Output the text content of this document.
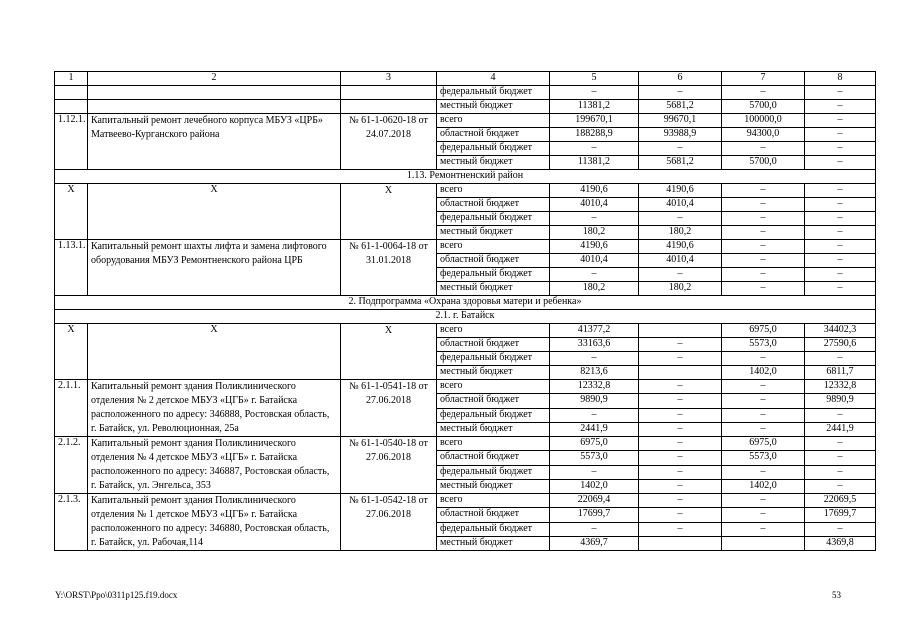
1	2	3	4	5	6	7	8
			федеральный бюджет	–	–	–	–
			местный бюджет	11381,2	5681,2	5700,0	–
1.12.1.	Капитальный ремонт лечебного корпуса МБУЗ «ЦРБ» Матвеево-Курганского района	№ 61-1-0620-18 от 24.07.2018	всего	199670,1	99670,1	100000,0	–
			областной бюджет	188288,9	93988,9	94300,0	–
			федеральный бюджет	–	–	–	–
			местный бюджет	11381,2	5681,2	5700,0	–
1.13. Ремонтненский район							
Х	Х	Х	всего	4190,6	4190,6	–	–
			областной бюджет	4010,4	4010,4	–	–
			федеральный бюджет	–	–	–	–
			местный бюджет	180,2	180,2	–	–
1.13.1.	Капитальный ремонт шахты лифта и замена лифтового оборудования МБУЗ Ремонтненского района ЦРБ	№ 61-1-0064-18 от 31.01.2018	всего	4190,6	4190,6	–	–
			областной бюджет	4010,4	4010,4	–	–
			федеральный бюджет	–	–	–	–
			местный бюджет	180,2	180,2	–	–
2. Подпрограмма «Охрана здоровья матери и ребенка»							
2.1. г. Батайск							
Х	Х	Х	всего	41377,2		6975,0	34402,3
			областной бюджет	33163,6	–	5573,0	27590,6
			федеральный бюджет	–	–	–	–
			местный бюджет	8213,6		1402,0	6811,7
2.1.1.	Капитальный ремонт здания Поликлинического отделения № 2 детское МБУЗ «ЦГБ» г. Батайска расположенного по адресу: 346888, Ростовская область, г. Батайск, ул. Революционная, 25а	№ 61-1-0541-18 от 27.06.2018	всего	12332,8	–	–	12332,8
			областной бюджет	9890,9	–	–	9890,9
			федеральный бюджет	–	–	–	–
			местный бюджет	2441,9	–	–	2441,9
2.1.2.	Капитальный ремонт здания Поликлинического отделения № 4 детское МБУЗ «ЦГБ» г. Батайска расположенного по адресу: 346887, Ростовская область, г. Батайск, ул. Энгельса, 353	№ 61-1-0540-18 от 27.06.2018	всего	6975,0	–	6975,0	–
			областной бюджет	5573,0	–	5573,0	–
			федеральный бюджет	–	–	–	–
			местный бюджет	1402,0	–	1402,0	–
2.1.3.	Капитальный ремонт здания Поликлинического отделения № 1 детское МБУЗ «ЦГБ» г. Батайска расположенного по адресу: 346880, Ростовская область, г. Батайск, ул. Рабочая,114	№ 61-1-0542-18 от 27.06.2018	всего	22069,4	–	–	22069,5
			областной бюджет	17699,7	–	–	17699,7
			федеральный бюджет	–	–	–	–
			местный бюджет	4369,7			4369,8
Y:\ORST\Ppo\0311p125.f19.docx	53
